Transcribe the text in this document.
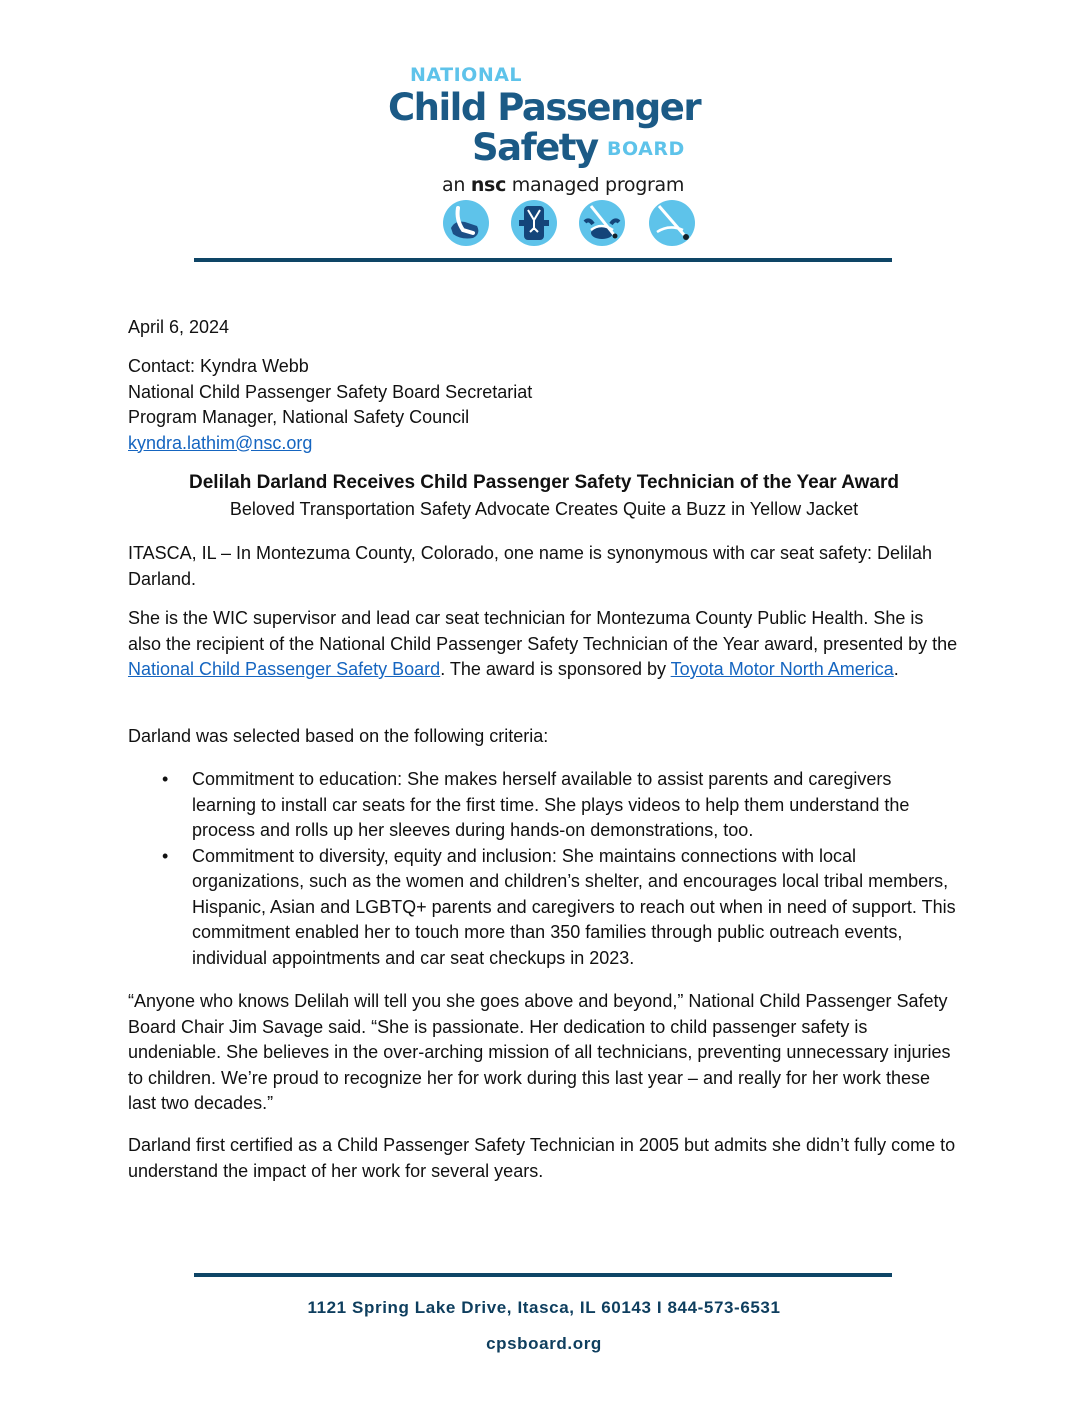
NATIONAL
Child Passenger
Safety BOARD
an nsc managed program

April 6, 2024

Contact: Kyndra Webb

National Child Passenger Safety Board Secretariat

Program Manager, National Safety Council

kyndra.lathim@nsc.org

Delilah Darland Receives Child Passenger Safety Technician of the Year Award
Beloved Transportation Safety Advocate Creates Quite a Buzz in Yellow Jacket

ITASCA, IL – In Montezuma County, Colorado, one name is synonymous with car seat safety: Delilah Darland.

She is the WIC supervisor and lead car seat technician for Montezuma County Public Health. She is also the recipient of the National Child Passenger Safety Technician of the Year award, presented by the National Child Passenger Safety Board. The award is sponsored by Toyota Motor North America.

Darland was selected based on the following criteria:

• Commitment to education: She makes herself available to assist parents and caregivers learning to install car seats for the first time. She plays videos to help them understand the process and rolls up her sleeves during hands-on demonstrations, too.
• Commitment to diversity, equity and inclusion: She maintains connections with local organizations, such as the women and children’s shelter, and encourages local tribal members, Hispanic, Asian and LGBTQ+ parents and caregivers to reach out when in need of support. This commitment enabled her to touch more than 350 families through public outreach events, individual appointments and car seat checkups in 2023.

“Anyone who knows Delilah will tell you she goes above and beyond,” National Child Passenger Safety Board Chair Jim Savage said. “She is passionate. Her dedication to child passenger safety is undeniable. She believes in the over-arching mission of all technicians, preventing unnecessary injuries to children. We’re proud to recognize her for work during this last year – and really for her work these last two decades.”

Darland first certified as a Child Passenger Safety Technician in 2005 but admits she didn’t fully come to understand the impact of her work for several years.

1121 Spring Lake Drive, Itasca, IL 60143 I 844-573-6531
cpsboard.org
